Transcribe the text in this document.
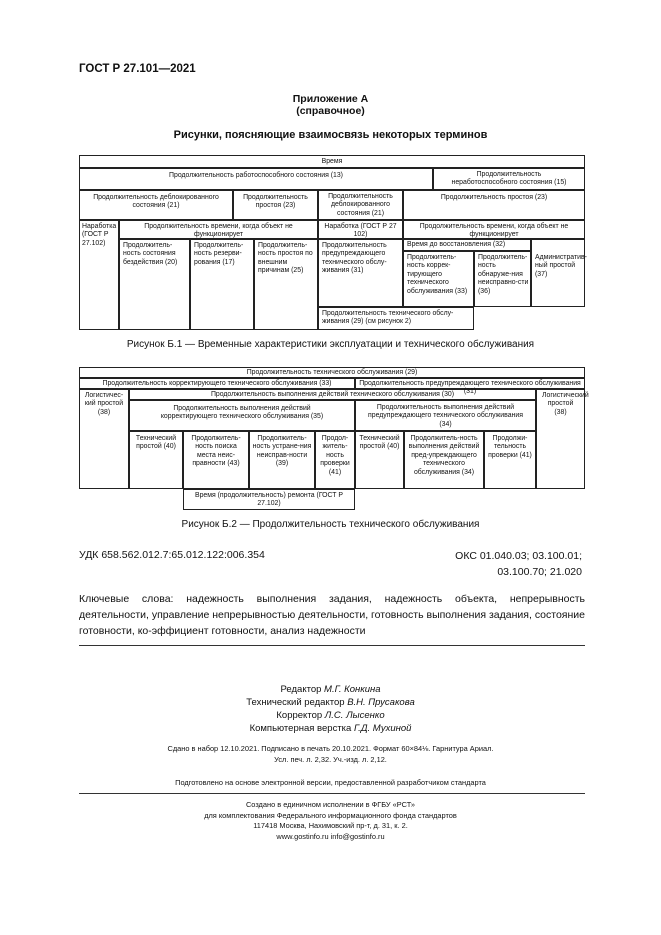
ГОСТ Р 27.101—2021
Приложение А
(справочное)
Рисунки, поясняющие взаимосвязь некоторых терминов
Время
Продолжительность работоспособного состояния (13)	Продолжительность неработоспособного состояния (15)
Продолжительность деблокированного состояния (21)
Продолжительность простоя (23)
Продолжительность деблокированного состояния (21)
Продолжительность простоя (23)
Наработка (ГОСТ Р 27.102)
Продолжительность времени, когда объект не функционирует
Наработка (ГОСТ Р 27 102)
Продолжительность времени, когда объект не функционирует
Продолжитель-ность состояния бездействия (20)
Продолжитель-ность резерви-рования (17)
Продолжитель-ность простоя по внешним причинам (25)
Продолжительность предупреждающего технического обслу-живания (31)
Время до восстановления (32)
Продолжитель-ность коррек-тирующего технического обслуживания (33)
Продолжитель-ность обнаруже-ния неисправно-сти (36)
Административ-ный простой (37)
Продолжительность технического обслу-живания (29) (см рисунок 2)
Рисунок Б.1 — Временные характеристики эксплуатации и технического обслуживания
Продолжительность технического обслуживания (29)
Продолжительность корректирующего технического обслуживания (33)	Продолжительность предупреждающего технического обслуживания (31)
Логистичес-кий простой (38)
Продолжительность выполнения действий технического обслуживания (30)	Логистический простой (38)
Продолжительность выполнения действий корректирующего технического обслуживания (35)
Продолжительность выполнения действий предупреждающего технического обслуживания (34)
Технический простой (40)
Продолжитель-ность поиска места неис-правности (43)
Продолжитель-ность устране-ния неисправ-ности (39)
Продол-житель-ность проверки (41)
Технический простой (40)
Продолжитель-ность выполнения действий пред-упреждающего технического обслуживания (34)
Продолжи-тельность проверки (41)
Время (продолжительность) ремонта (ГОСТ Р 27.102)
Рисунок Б.2 — Продолжительность технического обслуживания
УДК 658.562.012.7:65.012.122:006.354	ОКС 01.040.03; 03.100.01;
03.100.70; 21.020
Ключевые слова: надежность выполнения задания, надежность объекта, непрерывность деятельности, управление непрерывностью деятельности, готовность выполнения задания, состояние готовности, ко-эффициент готовности, анализ надежности
Редактор М.Г. Конкина
Технический редактор В.Н. Прусакова
Корректор Л.С. Лысенко
Компьютерная верстка Г.Д. Мухиной
Сдано в набор 12.10.2021. Подписано в печать 20.10.2021. Формат 60×84⅛. Гарнитура Ариал.
Усл. печ. л. 2,32. Уч.-изд. л. 2,12.
Подготовлено на основе электронной версии, предоставленной разработчиком стандарта
Создано в единичном исполнении в ФГБУ «РСТ»
для комплектования Федерального информационного фонда стандартов
117418 Москва, Нахимовский пр-т, д. 31, к. 2.
www.gostinfo.ru info@gostinfo.ru
